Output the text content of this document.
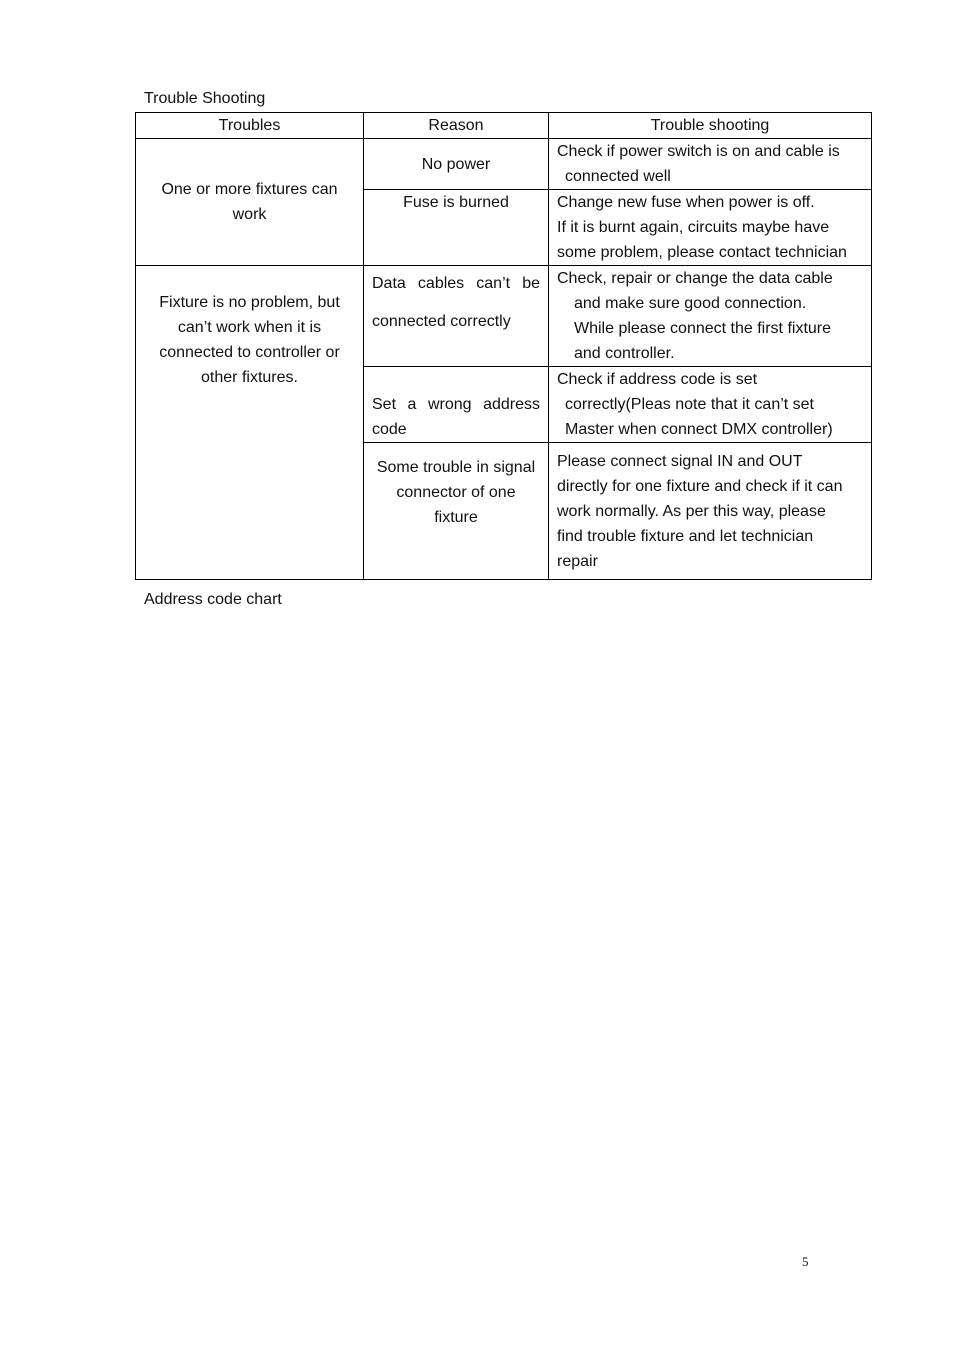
Trouble Shooting
Troubles	Reason	Trouble shooting

One or more fixtures can
work	No power	Check if power switch is on and cable is
connected well

	Fuse is burned	Change new fuse when power is off.
If it is burnt again, circuits maybe have
some problem, please contact technician

Fixture is no problem, but
can’t work when it is
connected to controller or
other fixtures.	Data cables can’t be
connected correctly	Check, repair or change the data cable
and make sure good connection.
While please connect the first fixture
and controller.

	Set a wrong address
code	Check if address code is set
correctly(Pleas note that it can’t set
Master when connect DMX controller)

	Some trouble in signal
connector of one
fixture	Please connect signal IN and OUT
directly for one fixture and check if it can
work normally. As per this way, please
find trouble fixture and let technician
repair
Address code chart
5
